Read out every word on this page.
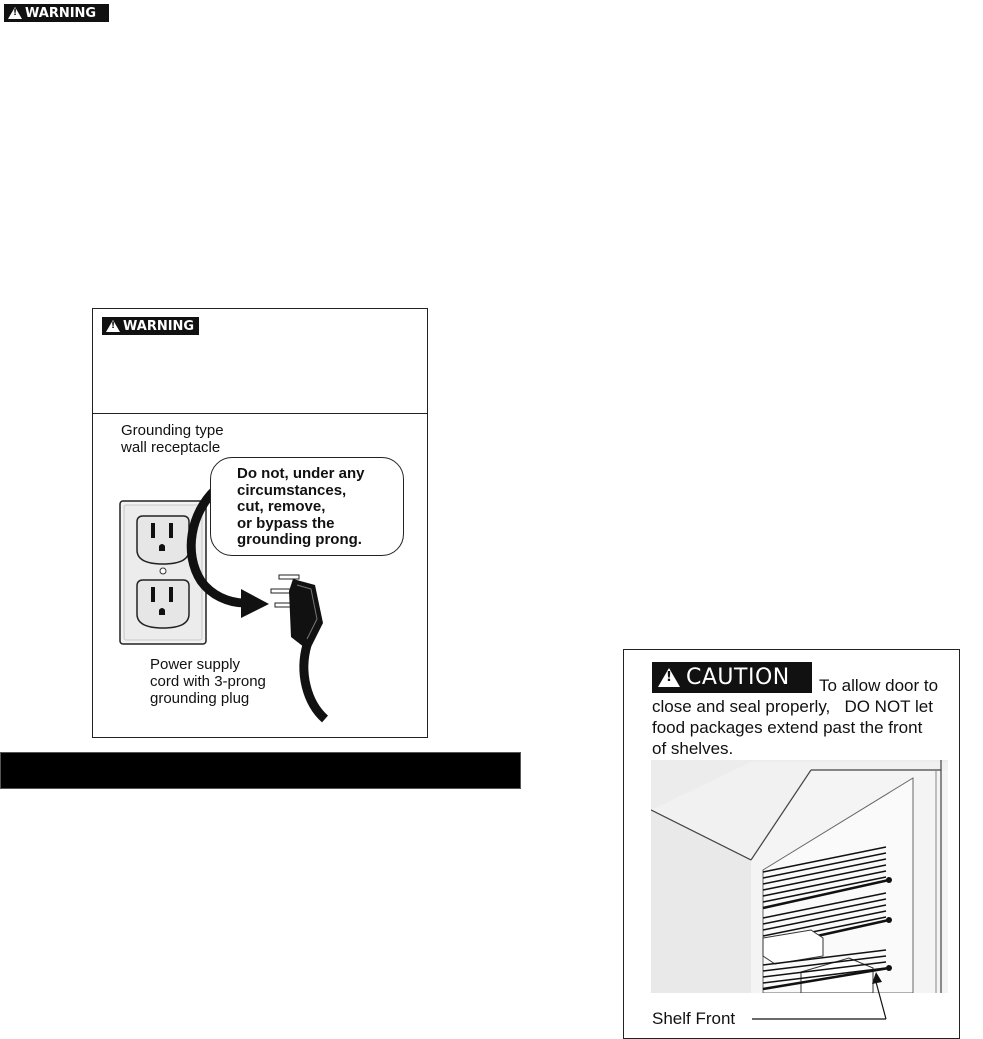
!
WARNING
!
WARNING
Grounding type
wall receptacle
Do not, under any
circumstances,
cut, remove,
or bypass the
grounding prong.
Power supply
cord with 3-prong
grounding plug
!
CAUTION To allow door to
close and seal properly,   DO NOT let
food packages extend past the front
of shelves.
Shelf Front
